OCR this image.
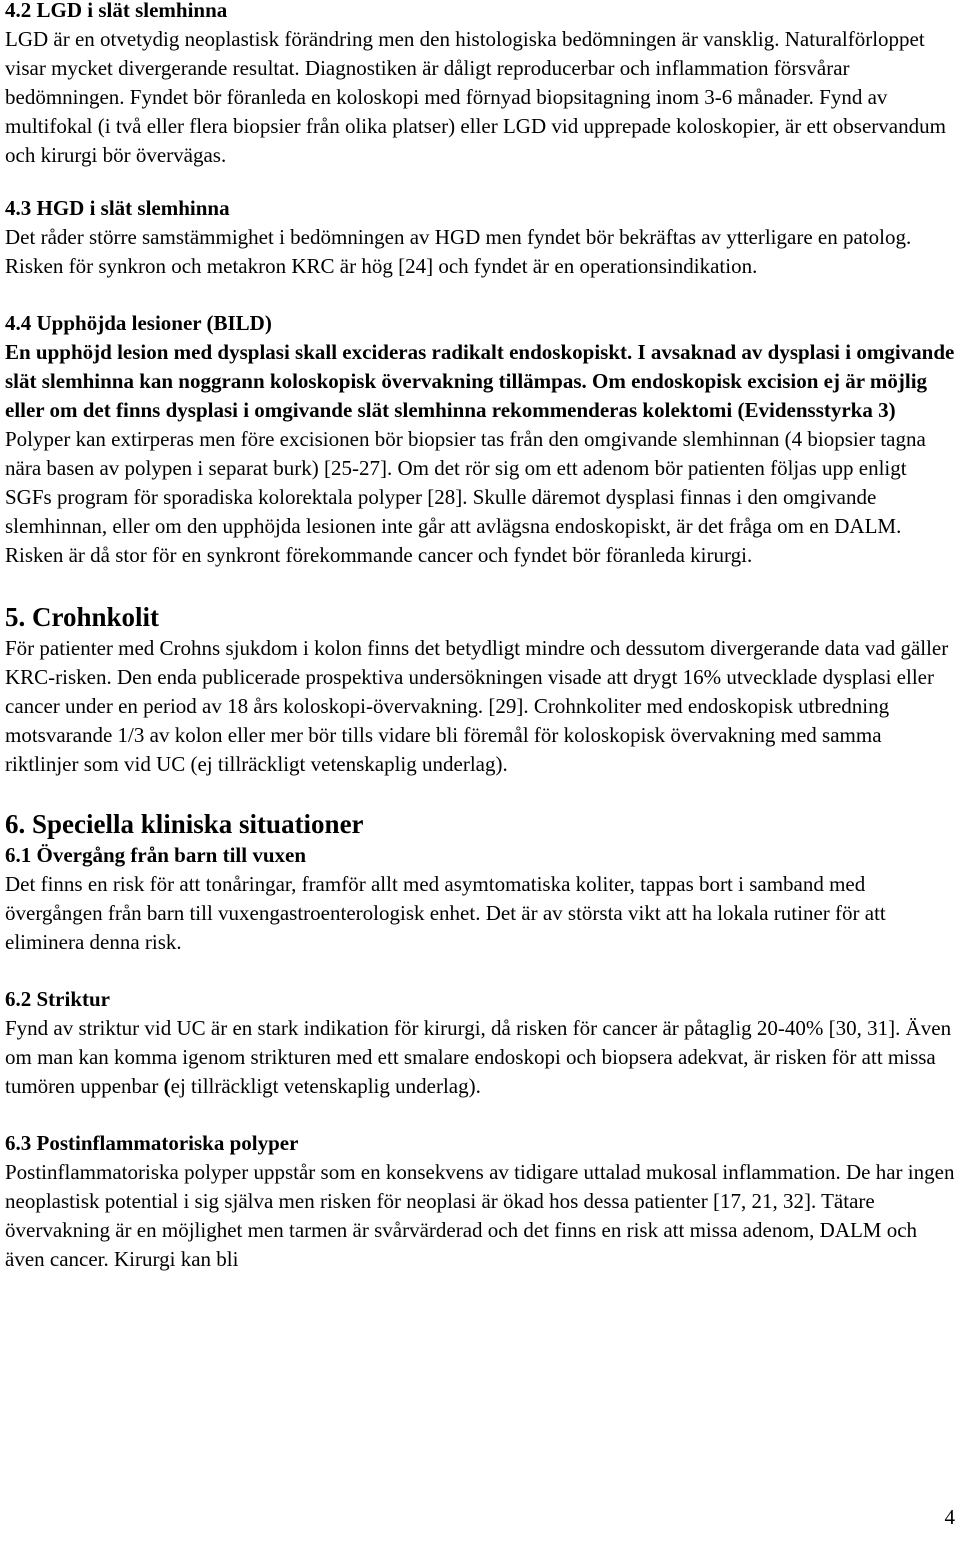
4.2 LGD i slät slemhinna
LGD är en otvetydig neoplastisk förändring men den histologiska bedömningen är vansklig. Naturalförloppet visar mycket divergerande resultat. Diagnostiken är dåligt reproducerbar och inflammation försvårar bedömningen. Fyndet bör föranleda en koloskopi med förnyad biopsitagning inom 3-6 månader. Fynd av multifokal (i två eller flera biopsier från olika platser) eller LGD vid upprepade koloskopier, är ett observandum och kirurgi bör övervägas.
4.3 HGD i slät slemhinna
Det råder större samstämmighet i bedömningen av HGD men fyndet bör bekräftas av ytterligare en patolog. Risken för synkron och metakron KRC är hög [24] och fyndet är en operationsindikation.
4.4 Upphöjda lesioner (BILD)
En upphöjd lesion med dysplasi skall excideras radikalt endoskopiskt. I avsaknad av dysplasi i omgivande slät slemhinna kan noggrann koloskopisk övervakning tillämpas. Om endoskopisk excision ej är möjlig eller om det finns dysplasi i omgivande slät slemhinna rekommenderas kolektomi (Evidensstyrka 3)
Polyper kan extirperas men före excisionen bör biopsier tas från den omgivande slemhinnan (4 biopsier tagna nära basen av polypen i separat burk) [25-27]. Om det rör sig om ett adenom bör patienten följas upp enligt SGFs program för sporadiska kolorektala polyper [28]. Skulle däremot dysplasi finnas i den omgivande slemhinnan, eller om den upphöjda lesionen inte går att avlägsna endoskopiskt, är det fråga om en DALM. Risken är då stor för en synkront förekommande cancer och fyndet bör föranleda kirurgi.
5. Crohnkolit
För patienter med Crohns sjukdom i kolon finns det betydligt mindre och dessutom divergerande data vad gäller KRC-risken. Den enda publicerade prospektiva undersökningen visade att drygt 16% utvecklade dysplasi eller cancer under en period av 18 års koloskopi-övervakning. [29]. Crohnkoliter med endoskopisk utbredning motsvarande 1/3 av kolon eller mer bör tills vidare bli föremål för koloskopisk övervakning med samma riktlinjer som vid UC (ej tillräckligt vetenskaplig underlag).
6. Speciella kliniska situationer
6.1 Övergång från barn till vuxen
Det finns en risk för att tonåringar, framför allt med asymtomatiska koliter, tappas bort i samband med övergången från barn till vuxengastroenterologisk enhet. Det är av största vikt att ha lokala rutiner för att eliminera denna risk.
6.2 Striktur
Fynd av striktur vid UC är en stark indikation för kirurgi, då risken för cancer är påtaglig 20-40% [30, 31]. Även om man kan komma igenom strikturen med ett smalare endoskopi och biopsera adekvat, är risken för att missa tumören uppenbar (ej tillräckligt vetenskaplig underlag).
6.3 Postinflammatoriska polyper
Postinflammatoriska polyper uppstår som en konsekvens av tidigare uttalad mukosal inflammation. De har ingen neoplastisk potential i sig själva men risken för neoplasi är ökad hos dessa patienter [17, 21, 32]. Tätare övervakning är en möjlighet men tarmen är svårvärderad och det finns en risk att missa adenom, DALM och även cancer. Kirurgi kan bli
4
